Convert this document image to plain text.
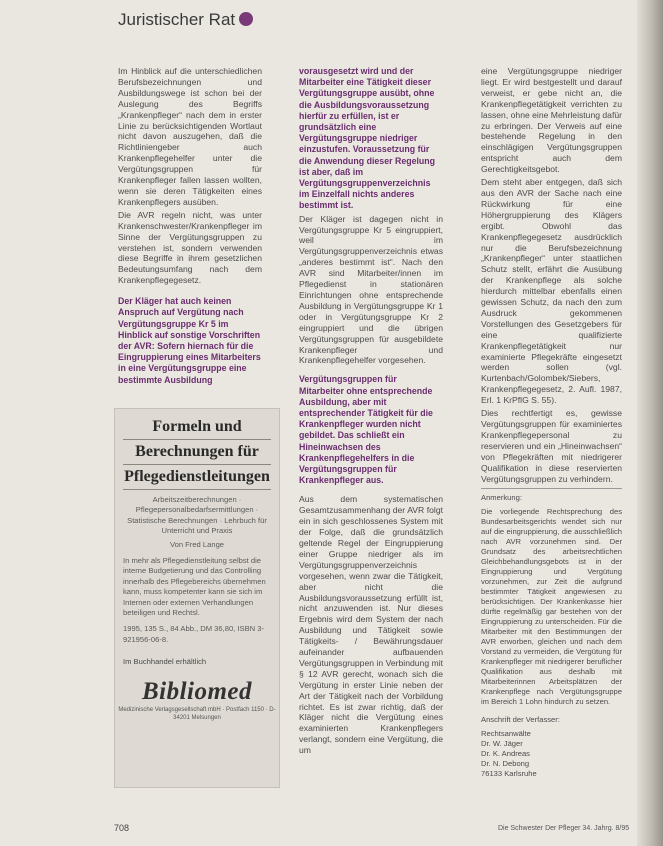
Juristischer Rat

Im Hinblick auf die unterschiedlichen Berufsbezeichnungen und Ausbildungswege ist schon bei der Auslegung des Begriffs „Krankenpfleger“ nach dem in erster Linie zu berücksichtigenden Wortlaut nicht davon auszugehen, daß die Richtliniengeber auch Krankenpflegehelfer unter die Vergütungsgruppen für Krankenpfleger fallen lassen wollten, wenn sie deren Tätigkeiten eines Krankenpflegers ausüben.

Die AVR regeln nicht, was unter Krankenschwester/Krankenpfleger im Sinne der Vergütungsgruppen zu verstehen ist, sondern verwenden diese Begriffe in ihrem gesetzlichen Bedeutungsumfang nach dem Krankenpflegegesetz.

Der Kläger hat auch keinen Anspruch auf Vergütung nach Vergütungsgruppe Kr 5 im Hinblick auf sonstige Vorschriften der AVR: Sofern hiernach für die Eingruppierung eines Mitarbeiters in eine Vergütungsgruppe eine bestimmte Ausbildung

Formeln und
Berechnungen für
Pflegedienstleitungen
Arbeitszeitberechnungen · Pflegepersonalbedarfsermittlungen · Statistische Berechnungen · Lehrbuch für Unterricht und Praxis
Von Fred Lange
In mehr als Pflegedienstleitung selbst die interne Budgetierung und das Controlling innerhalb des Pflegebereichs übernehmen kann, muss kompetenter kann sie sich im Internen oder externen Verhandlungen beteiligen und Rechtsl.
1995, 135 S., 84 Abb., DM 36,80, ISBN 3-921956-06-8.
Im Buchhandel erhältlich
Bibliomed
Medizinische Verlagsgesellschaft mbH · Postfach 1150 · D-34201 Melsungen

vorausgesetzt wird und der Mitarbeiter eine Tätigkeit dieser Vergütungsgruppe ausübt, ohne die Ausbildungsvoraussetzung hierfür zu erfüllen, ist er grundsätzlich eine Vergütungsgruppe niedriger einzustufen. Voraussetzung für die Anwendung dieser Regelung ist aber, daß im Vergütungsgruppenverzeichnis im Einzelfall nichts anderes bestimmt ist.

Der Kläger ist dagegen nicht in Vergütungsgruppe Kr 5 eingruppiert, weil im Vergütungsgruppenverzeichnis etwas „anderes bestimmt ist“. Nach den AVR sind Mitarbeiter/innen im Pflegedienst in stationären Einrichtungen ohne entsprechende Ausbildung in Vergütungsgruppe Kr 1 oder in Vergütungsgruppe Kr 2 eingruppiert und die übrigen Vergütungsgruppen für ausgebildete Krankenpfleger und Krankenpflegehelfer vorgesehen.

Vergütungsgruppen für Mitarbeiter ohne entsprechende Ausbildung, aber mit entsprechender Tätigkeit für die Krankenpfleger wurden nicht gebildet. Das schließt ein Hineinwachsen des Krankenpflegehelfers in die Vergütungsgruppen für Krankenpfleger aus.

Aus dem systematischen Gesamtzusammenhang der AVR folgt ein in sich geschlossenes System mit der Folge, daß die grundsätzlich geltende Regel der Eingruppierung einer Gruppe niedriger als im Vergütungsgruppenverzeichnis vorgesehen, wenn zwar die Tätigkeit, aber nicht die Ausbildungsvoraussetzung erfüllt ist, nicht anzuwenden ist. Nur dieses Ergebnis wird dem System der nach Ausbildung und Tätigkeit sowie Tätigkeits- / Bewährungsdauer aufeinander aufbauenden Vergütungsgruppen in Verbindung mit § 12 AVR gerecht, wonach sich die Vergütung in erster Linie neben der Art der Tätigkeit nach der Vorbildung richtet. Es ist zwar richtig, daß der Kläger nicht die Vergütung eines examinierten Krankenpflegers verlangt, sondern eine Vergütung, die um

eine Vergütungsgruppe niedriger liegt. Er wird bestgestellt und darauf verweist, er gebe nicht an, die Krankenpflegetätigkeit verrichten zu lassen, ohne eine Mehrleistung dafür zu erbringen. Der Verweis auf eine bestehende Regelung in den einschlägigen Vergütungsgruppen entspricht auch dem Gerechtigkeitsgebot.

Dem steht aber entgegen, daß sich aus den AVR der Sache nach eine Rückwirkung für eine Höhergruppierung des Klägers ergibt. Obwohl das Krankenpflegegesetz ausdrücklich nur die Berufsbezeichnung „Krankenpfleger“ unter staatlichen Schutz stellt, erfährt die Ausübung der Krankenpflege als solche hierdurch mittelbar ebenfalls einen gewissen Schutz, da nach den zum Ausdruck gekommenen Vorstellungen des Gesetzgebers für eine qualifizierte Krankenpflegetätigkeit nur examinierte Pflegekräfte eingesetzt werden sollen (vgl. Kurtenbach/Golombek/Siebers, Krankenpflegegesetz, 2. Aufl. 1987, Erl. 1 KrPflG S. 55).

Dies rechtfertigt es, gewisse Vergütungsgruppen für examiniertes Krankenpflegepersonal zu reservieren und ein „Hineinwachsen“ von Pflegekräften mit niedrigerer Qualifikation in diese reservierten Vergütungsgruppen zu verhindern.

Anmerkung:
Die vorliegende Rechtsprechung des Bundesarbeitsgerichts wendet sich nur auf die eingruppierung, die ausschließlich nach AVR vorzunehmen sind. Der Grundsatz des arbeitsrechtlichen Gleichbehandlungsgebots ist in der Eingruppierung und Vergütung vorzunehmen, zur Zeit die aufgrund bestimmter Tätigkeit angewiesen zu berücksichtigen. Der Krankenkasse hier dürfte regelmäßig gar bestehen von der Eingruppierung zu unterscheiden. Für die Mitarbeiter mit den Bestimmungen der AVR erworben, gleichen und nach dem Vorstand zu vermeiden, die Vergütung für Krankenpfleger mit niedrigerer beruflicher Qualifikation aus deshalb mit Mitarbeiterinnen Arbeitsplätzen der Krankenpflege nach Vergütungsgruppe im Bereich 1 Lohn hindurch zu setzen.
Anschrift der Verfasser:
Rechtsanwälte
Dr. W. Jäger
Dr. K. Andreas
Dr. N. Debong
76133 Karlsruhe
708	Die Schwester Der Pfleger 34. Jahrg. 8/95
